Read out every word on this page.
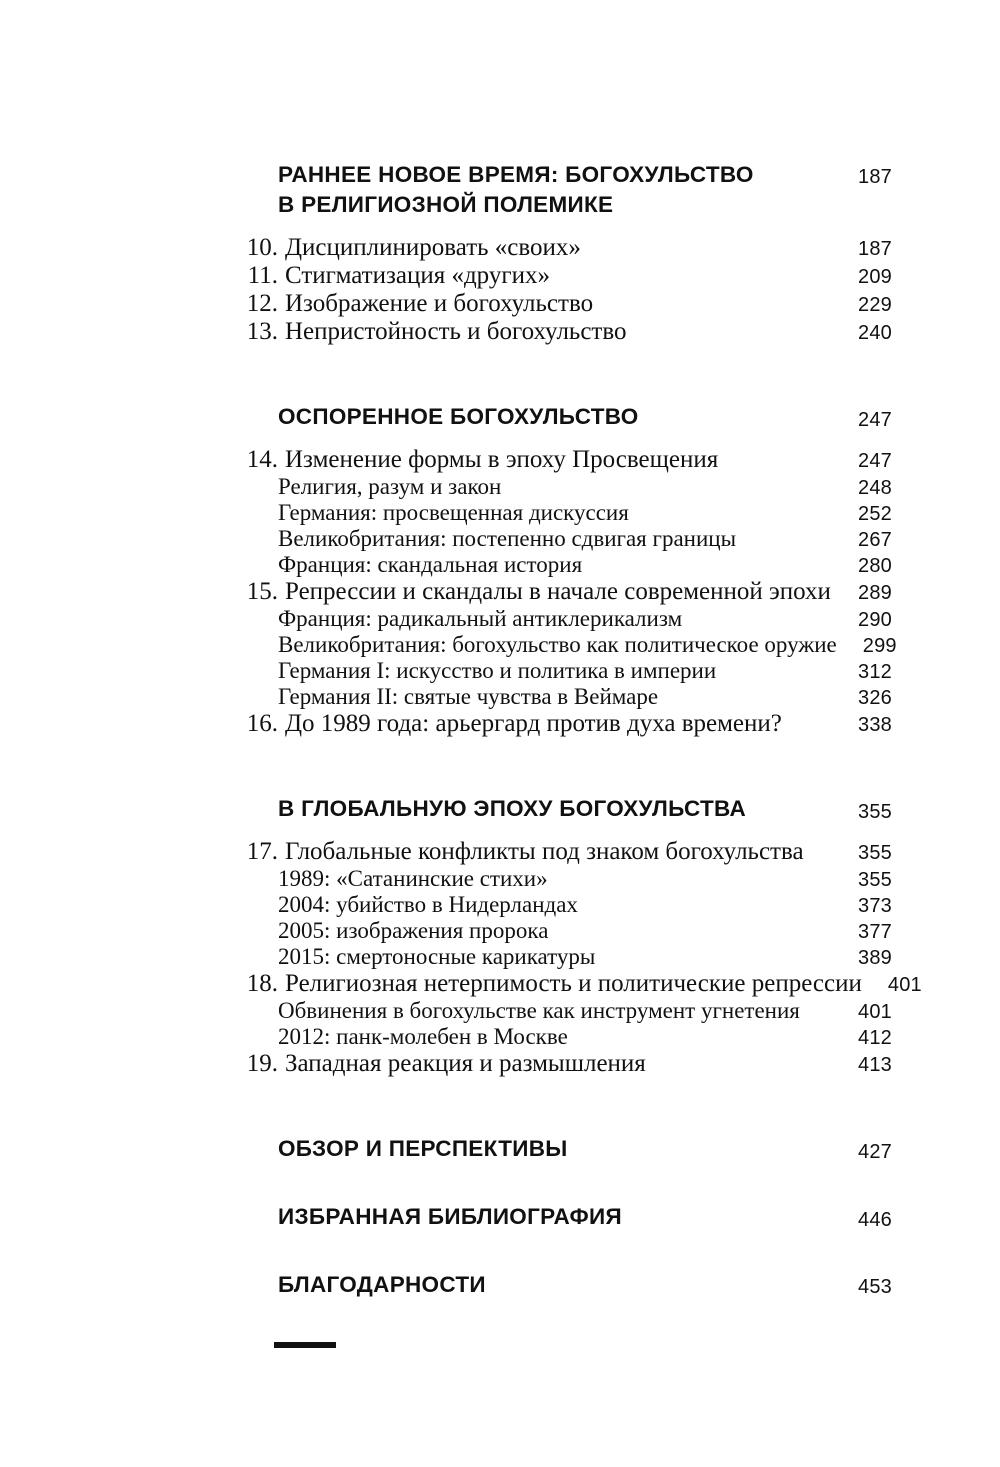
РАННЕЕ НОВОЕ ВРЕМЯ: БОГОХУЛЬСТВО
В РЕЛИГИОЗНОЙ ПОЛЕМИКЕ
187
10. Дисциплинировать «своих»	187
11. Стигматизация «других»	209
12. Изображение и богохульство	229
13. Непристойность и богохульство	240
ОСПОРЕННОЕ БОГОХУЛЬСТВО	247
14. Изменение формы в эпоху Просвещения	247
Религия, разум и закон	248
Германия: просвещенная дискуссия	252
Великобритания: постепенно сдвигая границы	267
Франция: скандальная история	280
15. Репрессии и скандалы в начале современной эпохи	289
Франция: радикальный антиклерикализм	290
Великобритания: богохульство как политическое оружие	299
Германия I: искусство и политика в империи	312
Германия II: святые чувства в Веймаре	326
16. До 1989 года: арьергард против духа времени?	338
В ГЛОБАЛЬНУЮ ЭПОХУ БОГОХУЛЬСТВА	355
17. Глобальные конфликты под знаком богохульства	355
1989: «Сатанинские стихи»	355
2004: убийство в Нидерландах	373
2005: изображения пророка	377
2015: смертоносные карикатуры	389
18. Религиозная нетерпимость и политические репрессии	401
Обвинения в богохульстве как инструмент угнетения	401
2012: панк-молебен в Москве	412
19. Западная реакция и размышления	413
ОБЗОР И ПЕРСПЕКТИВЫ	427
ИЗБРАННАЯ БИБЛИОГРАФИЯ	446
БЛАГОДАРНОСТИ	453
